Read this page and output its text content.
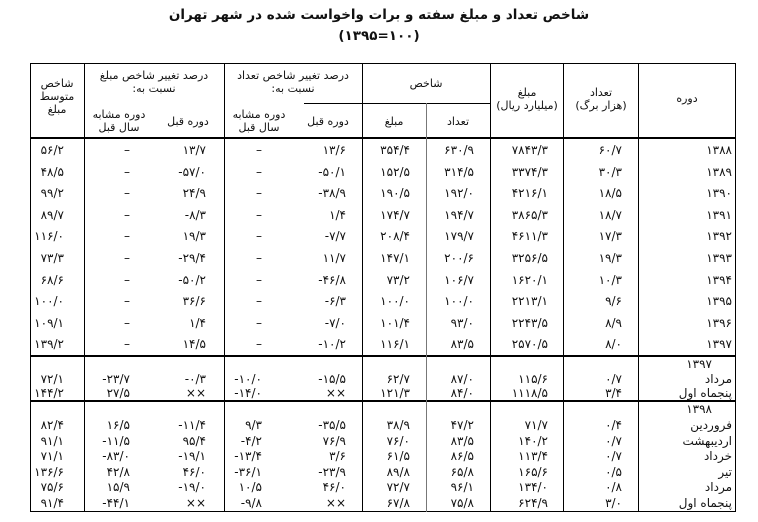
شاخص تعداد و مبلغ سفته و برات واخواست شده در شهر تهران
(۱۰۰=۱۳۹۵)
دوره
تعداد
(هزار برگ)
مبلغ
(میلیارد ریال)
شاخص
تعداد
مبلغ
درصد تغییر شاخص تعداد
نسبت به:
دوره قبل
دوره مشابه
سال قبل
درصد تغییر شاخص مبلغ
نسبت به:
دوره قبل
دوره مشابه
سال قبل
شاخص
متوسط
مبلغ
۱۳۹۷
۱۳۹۸
۱۳۸۸
۶۰/۷
۷۸۴۳/۳
۶۳۰/۹
۳۵۴/۴
۱۳/۶
–
۱۳/۷
–
۵۶/۲
۱۳۸۹
۳۰/۳
۳۳۷۴/۳
۳۱۴/۵
۱۵۲/۵
-۵۰/۱
–
-۵۷/۰
–
۴۸/۵
۱۳۹۰
۱۸/۵
۴۲۱۶/۱
۱۹۲/۰
۱۹۰/۵
-۳۸/۹
–
۲۴/۹
–
۹۹/۲
۱۳۹۱
۱۸/۷
۳۸۶۵/۳
۱۹۴/۷
۱۷۴/۷
۱/۴
–
-۸/۳
–
۸۹/۷
۱۳۹۲
۱۷/۳
۴۶۱۱/۳
۱۷۹/۷
۲۰۸/۴
-۷/۷
–
۱۹/۳
–
۱۱۶/۰
۱۳۹۳
۱۹/۳
۳۲۵۶/۵
۲۰۰/۶
۱۴۷/۱
۱۱/۷
–
-۲۹/۴
–
۷۳/۳
۱۳۹۴
۱۰/۳
۱۶۲۰/۱
۱۰۶/۷
۷۳/۲
-۴۶/۸
–
-۵۰/۲
–
۶۸/۶
۱۳۹۵
۹/۶
۲۲۱۳/۱
۱۰۰/۰
۱۰۰/۰
-۶/۳
–
۳۶/۶
–
۱۰۰/۰
۱۳۹۶
۸/۹
۲۲۴۳/۵
۹۳/۰
۱۰۱/۴
-۷/۰
–
۱/۴
–
۱۰۹/۱
۱۳۹۷
۸/۰
۲۵۷۰/۵
۸۳/۵
۱۱۶/۱
-۱۰/۲
–
۱۴/۵
–
۱۳۹/۲
مرداد
۰/۷
۱۱۵/۶
۸۷/۰
۶۲/۷
-۱۵/۵
-۱۰/۰
-۰/۳
-۲۳/۷
۷۲/۱
پنجماه اول
۳/۴
۱۱۱۸/۵
۸۴/۰
۱۲۱/۳
××
-۱۴/۰
××
۲۷/۵
۱۴۴/۲
فروردین
۰/۴
۷۱/۷
۴۷/۲
۳۸/۹
-۳۵/۵
۹/۳
-۱۱/۴
۱۶/۵
۸۲/۴
اردیبهشت
۰/۷
۱۴۰/۲
۸۳/۵
۷۶/۰
۷۶/۹
-۴/۲
۹۵/۴
-۱۱/۵
۹۱/۱
خرداد
۰/۷
۱۱۳/۴
۸۶/۵
۶۱/۵
۳/۶
-۱۳/۴
-۱۹/۱
-۸۳/۰
۷۱/۱
تیر
۰/۵
۱۶۵/۶
۶۵/۸
۸۹/۸
-۲۳/۹
-۳۶/۱
۴۶/۰
۴۲/۸
۱۳۶/۶
مرداد
۰/۸
۱۳۴/۰
۹۶/۱
۷۲/۷
۴۶/۰
۱۰/۵
-۱۹/۰
۱۵/۹
۷۵/۶
پنجماه اول
۳/۰
۶۲۴/۹
۷۵/۸
۶۷/۸
××
-۹/۸
××
-۴۴/۱
۹۱/۴
